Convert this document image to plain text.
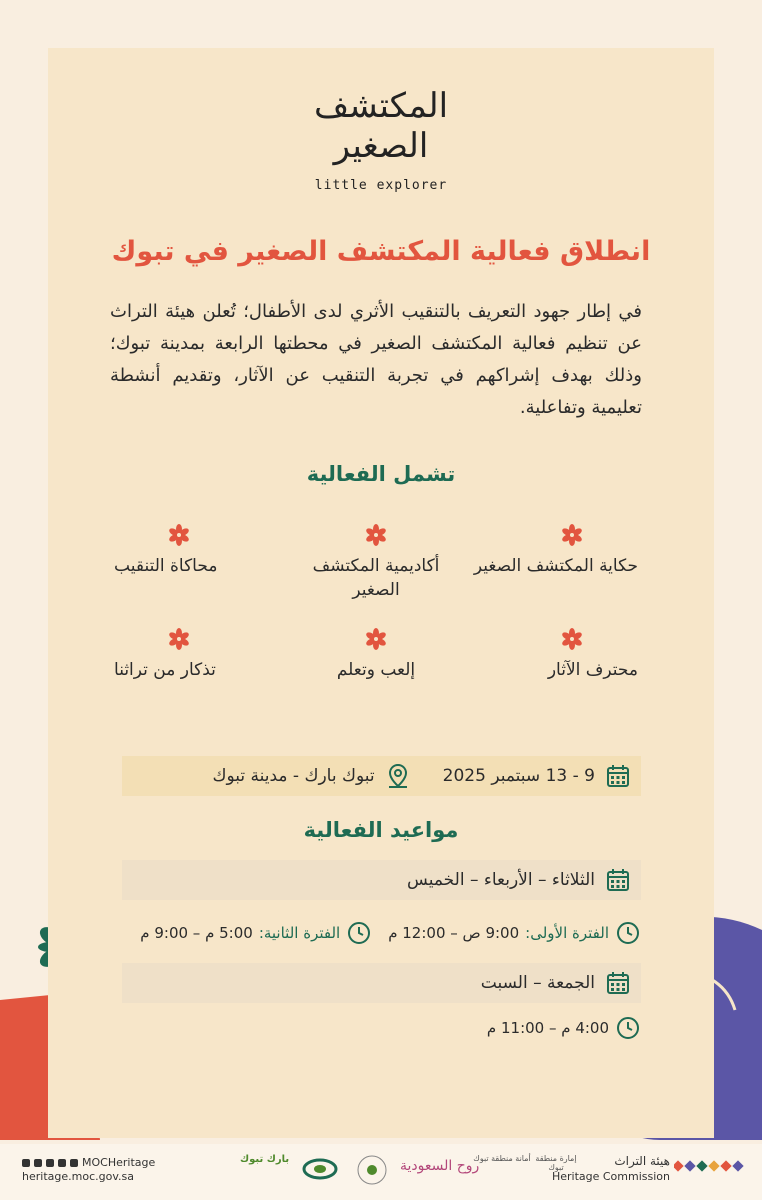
المكتشف
الصغير
little explorer
انطلاق فعالية المكتشف الصغير في تبوك

في إطار جهود التعريف بالتنقيب الأثري لدى الأطفال؛ تُعلن هيئة التراث عن تنظيم فعالية المكتشف الصغير في محطتها الرابعة بمدينة تبوك؛ وذلك بهدف إشراكهم في تجربة التنقيب عن الآثار، وتقديم أنشطة تعليمية وتفاعلية.

تشمل الفعالية
حكاية المكتشف الصغير
أكاديمية المكتشف الصغير
محاكاة التنقيب
محترف الآثار
إلعب وتعلم
تذكار من تراثنا
9 - 13 سبتمبر 2025
تبوك بارك - مدينة تبوك
مواعيد الفعالية
الثلاثاء – الأربعاء – الخميس
الفترة الأولى:
9:00 ص – 12:00 م
الفترة الثانية:
5:00 م – 9:00 م
الجمعة – السبت
4:00 م – 11:00 م
MOCHeritage
heritage.moc.gov.sa
بارك تبوك	روح السعودية
أمانة منطقة تبوك إمارة منطقة تبوك	هيئة التراث
Heritage Commission
